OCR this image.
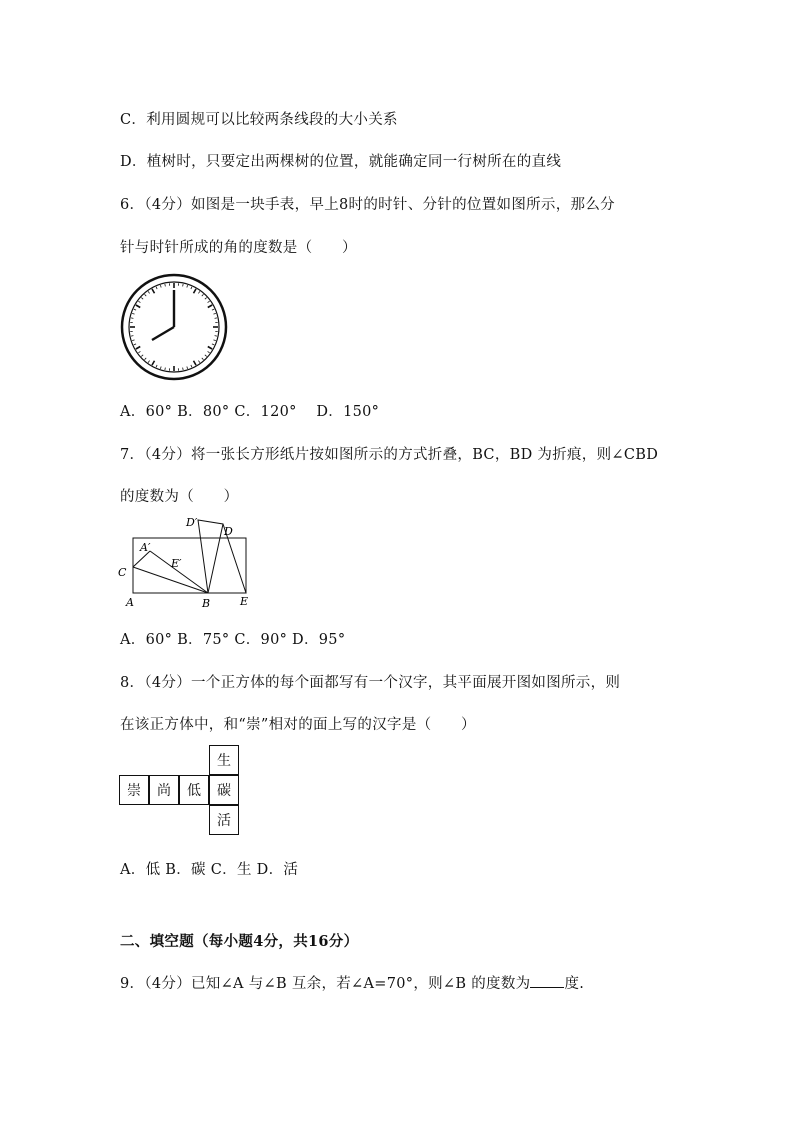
C．利用圆规可以比较两条线段的大小关系
D．植树时，只要定出两棵树的位置，就能确定同一行树所在的直线
6．（4分）如图是一块手表，早上8时的时针、分针的位置如图所示，那么分
针与时针所成的角的度数是（　　）
A．60° B．80° C．120°　 D．150°
7．（4分）将一张长方形纸片按如图所示的方式折叠，BC，BD 为折痕，则∠CBD
的度数为（　　）
D′
D
A′
E′
C
A	B	E
A．60° B．75° C．90° D．95°
8．（4分）一个正方体的每个面都写有一个汉字，其平面展开图如图所示，则
在该正方体中，和“崇”相对的面上写的汉字是（　　）
生
崇	尚	低	碳
活
A．低 B．碳 C．生 D．活
二、填空题（每小题4分，共16分）
9．（4分）已知∠A 与∠B 互余，若∠A=70°，则∠B 的度数为 度.
